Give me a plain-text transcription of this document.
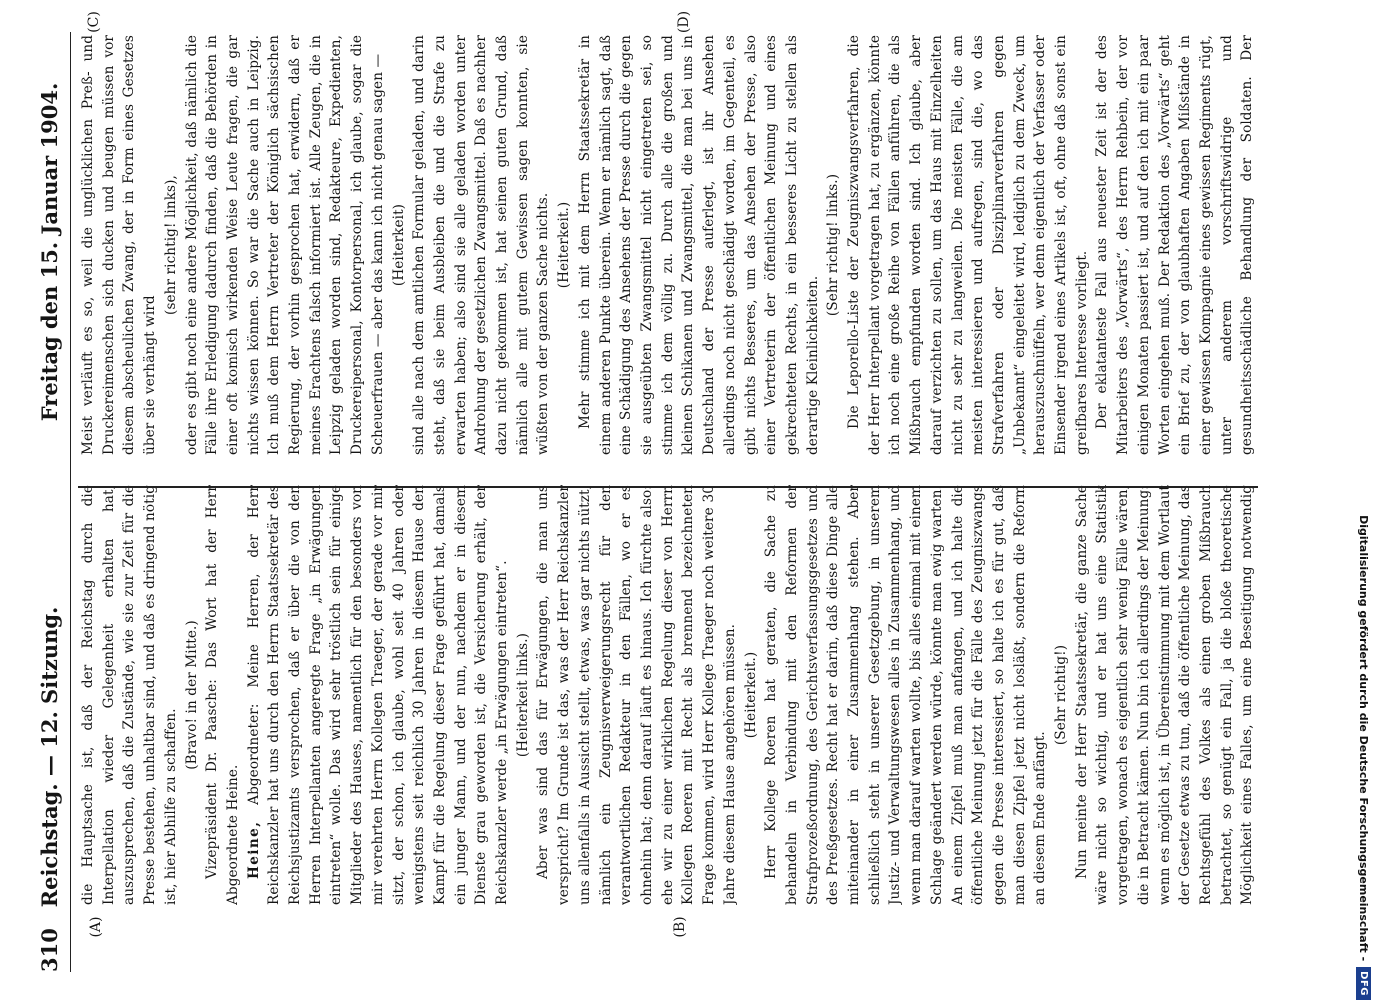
310
Reichstag. — 12. Sitzung.
Freitag den 15. Januar 1904.
(A)	(B)
(C)	(D)

die Hauptsache ist, daß der Reichstag durch die Interpellation wieder Gelegenheit erhalten hat, auszusprechen, daß die Zustände, wie sie zur Zeit für die Presse bestehen, unhaltbar sind, und daß es dringend nötig ist, hier Abhilfe zu schaffen.

(Bravo! in der Mitte.) Vizepräsident Dr. Paasche: Das Wort hat der Herr Abgeordnete Heine. Heine, Abgeordneter: Meine Herren, der Herr Reichskanzler hat uns durch den Herrn Staatssekretär des Reichsjustizamts versprochen, daß er über die von den Herren Interpellanten angeregte Frage „in Erwägungen eintreten“ wolle. Das wird sehr tröstlich sein für einige Mitglieder des Hauses, namentlich für den besonders von mir verehrten Herrn Kollegen Traeger, der gerade vor mir sitzt, der schon, ich glaube, wohl seit 40 Jahren oder wenigstens seit reichlich 30 Jahren in diesem Hause den Kampf für die Regelung dieser Frage geführt hat, damals ein junger Mann, und der nun, nachdem er in diesem Dienste grau geworden ist, die Versicherung erhält, der Reichskanzler werde „in Erwägungen eintreten“. (Heiterkeit links.) Aber was sind das für Erwägungen, die man uns verspricht? Im Grunde ist das, was der Herr Reichskanzler uns allenfalls in Aussicht stellt, etwas, was gar nichts nützt, nämlich ein Zeugnisverweigerungsrecht für den verantwortlichen Redakteur in den Fällen, wo er es ohnehin hat; denn darauf läuft es hinaus. Ich fürchte also: ehe wir zu einer wirklichen Regelung dieser von Herrn Kollegen Roeren mit Recht als brennend bezeichneten Frage kommen, wird Herr Kollege Traeger noch weitere 30 Jahre diesem Hause angehören müssen. (Heiterkeit.) Herr Kollege Roeren hat geraten, die Sache zu behandeln in Verbindung mit den Reformen der Strafprozeßordnung, des Gerichtsverfassungsgesetzes und des Preßgesetzes. Recht hat er darin, daß diese Dinge alle miteinander in einer Zusammenhang stehen. Aber schließlich steht in unserer Gesetzgebung, in unserem Justiz- und Verwaltungswesen alles in Zusammenhang, und wenn man darauf warten wollte, bis alles einmal mit einem Schlage geändert werden würde, könnte man ewig warten. An einem Zipfel muß man anfangen, und ich halte die öffentliche Meinung jetzt für die Fälle des Zeugniszwangs gegen die Presse interessiert, so halte ich es für gut, daß man diesen Zipfel jetzt nicht losläßt, sondern die Reform an diesem Ende anfängt.

(Sehr richtig!)

Nun meinte der Herr Staatssekretär, die ganze Sache wäre nicht so wichtig, und er hat uns eine Statistik vorgetragen, wonach es eigentlich sehr wenig Fälle wären, die in Betracht kämen. Nun bin ich allerdings der Meinung: wenn es möglich ist, in Übereinstimmung mit dem Wortlaut der Gesetze etwas zu tun, daß die öffentliche Meinung, das Rechtsgefühl des Volkes als einen groben Mißbrauch betrachtet, so genügt ein Fall, ja die bloße theoretische Möglichkeit eines Falles, um eine Beseitigung notwendig

Meist verläuft es so, weil die unglücklichen Preß- und Druckereimenschen sich ducken und beugen müssen vor diesem abscheulichen Zwang, der in Form eines Gesetzes über sie verhängt wird

(sehr richtig! links), oder es gibt noch eine andere Möglichkeit, daß nämlich die Fälle ihre Erledigung dadurch finden, daß die Behörden in einer oft komisch wirkenden Weise Leute fragen, die gar nichts wissen können. So war die Sache auch in Leipzig. Ich muß dem Herrn Vertreter der Königlich sächsischen Regierung, der vorhin gesprochen hat, erwidern, daß er meines Erachtens falsch informiert ist. Alle Zeugen, die in Leipzig geladen worden sind, Redakteure, Expedienten, Druckereipersonal, Kontorpersonal, ich glaube, sogar die Scheuerfrauen — aber das kann ich nicht genau sagen — (Heiterkeit) sind alle nach dem amtlichen Formular geladen, und darin steht, daß sie beim Ausbleiben die und die Strafe zu erwarten haben; also sind sie alle geladen worden unter Androhung der gesetzlichen Zwangsmittel. Daß es nachher dazu nicht gekommen ist, hat seinen guten Grund, daß nämlich alle mit gutem Gewissen sagen konnten, sie wüßten von der ganzen Sache nichts. (Heiterkeit.) Mehr stimme ich mit dem Herrn Staatssekretär in einem anderen Punkte überein. Wenn er nämlich sagt, daß eine Schädigung des Ansehens der Presse durch die gegen sie ausgeübten Zwangsmittel nicht eingetreten sei, so stimme ich dem völlig zu. Durch alle die großen und kleinen Schikanen und Zwangsmittel, die man bei uns in Deutschland der Presse auferlegt, ist ihr Ansehen allerdings noch nicht geschädigt worden, im Gegenteil, es gibt nichts Besseres, um das Ansehen der Presse, also einer Vertreterin der öffentlichen Meinung und eines gekrechteten Rechts, in ein besseres Licht zu stellen als derartige Kleinlichkeiten.

(Sehr richtig! links.) Die Leporello-Liste der Zeugniszwangsverfahren, die der Herr Interpellant vorgetragen hat, zu ergänzen, könnte ich noch eine große Reihe von Fällen anführen, die als Mißbrauch empfunden worden sind. Ich glaube, aber darauf verzichten zu sollen, um das Haus mit Einzelheiten nicht zu sehr zu langweilen. Die meisten Fälle, die am meisten interessieren und aufregen, sind die, wo das Strafverfahren oder Disziplinarverfahren gegen „Unbekannt“ eingeleitet wird, lediglich zu dem Zweck, um herauszuschnüffeln, wer denn eigentlich der Verfasser oder Einsender irgend eines Artikels ist, oft, ohne daß sonst ein greifbares Interesse vorliegt. Der eklatanteste Fall aus neuester Zeit ist der des Mitarbeiters des „Vorwärts“, des Herrn Rehbein, der vor einigen Monaten passiert ist, und auf den ich mit ein paar Worten eingehen muß. Der Redaktion des „Vorwärts“ geht ein Brief zu, der von glaubhaften Angaben Mißstände in einer gewissen Kompagnie eines gewissen Regiments rügt, unter anderem vorschriftswidrige und gesundheitsschädliche Behandlung der Soldaten. Der

Digitalisierung gefördert durch die Deutsche Forschungsgemeinschaft -
DFG
